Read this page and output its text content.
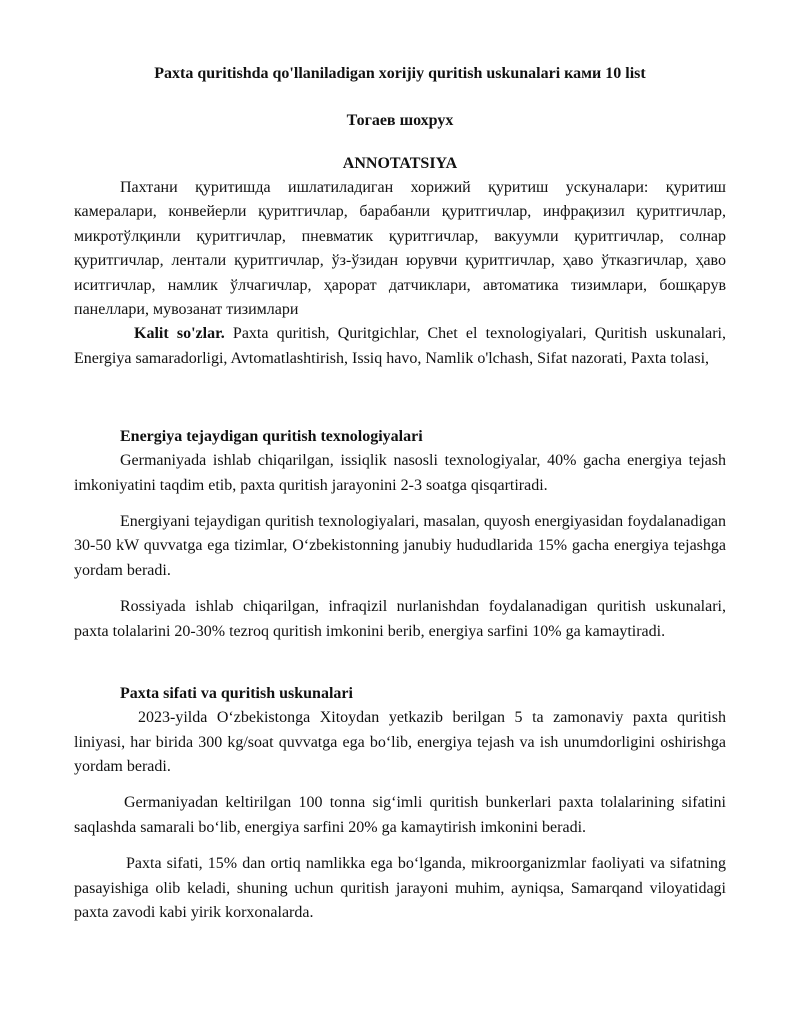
Paxta quritishda qo'llaniladigan xorijiy quritish uskunalari ками 10 list

Тогаев шохрух

ANNOTATSIYA

Пахтани қуритишда ишлатиладиган хорижий қуритиш ускуналари: қуритиш камералари, конвейерли қуритгичлар, барабанли қуритгичлар, инфрақизил қуритгичлар, микротўлқинли қуритгичлар, пневматик қуритгичлар, вакуумли қуритгичлар, солнар қуритгичлар, лентали қуритгичлар, ўз-ўзидан юрувчи қуритгичлар, ҳаво ўтказгичлар, ҳаво иситгичлар, намлик ўлчагичлар, ҳарорат датчиклари, автоматика тизимлари, бошқарув панеллари, мувозанат тизимлари

Kalit so'zlar. Paxta quritish, Quritgichlar, Chet el texnologiyalari, Quritish uskunalari, Energiya samaradorligi, Avtomatlashtirish, Issiq havo, Namlik o'lchash, Sifat nazorati, Paxta tolasi,

Energiya tejaydigan quritish texnologiyalari

Germaniyada ishlab chiqarilgan, issiqlik nasosli texnologiyalar, 40% gacha energiya tejash imkoniyatini taqdim etib, paxta quritish jarayonini 2-3 soatga qisqartiradi.

Energiyani tejaydigan quritish texnologiyalari, masalan, quyosh energiyasidan foydalanadigan 30-50 kW quvvatga ega tizimlar, O‘zbekistonning janubiy hududlarida 15% gacha energiya tejashga yordam beradi.

Rossiyada ishlab chiqarilgan, infraqizil nurlanishdan foydalanadigan quritish uskunalari, paxta tolalarini 20-30% tezroq quritish imkonini berib, energiya sarfini 10% ga kamaytiradi.

Paxta sifati va quritish uskunalari

2023-yilda O‘zbekistonga Xitoydan yetkazib berilgan 5 ta zamonaviy paxta quritish liniyasi, har birida 300 kg/soat quvvatga ega bo‘lib, energiya tejash va ish unumdorligini oshirishga yordam beradi.

Germaniyadan keltirilgan 100 tonna sig‘imli quritish bunkerlari paxta tolalarining sifatini saqlashda samarali bo‘lib, energiya sarfini 20% ga kamaytirish imkonini beradi.

Paxta sifati, 15% dan ortiq namlikka ega bo‘lganda, mikroorganizmlar faoliyati va sifatning pasayishiga olib keladi, shuning uchun quritish jarayoni muhim, ayniqsa, Samarqand viloyatidagi paxta zavodi kabi yirik korxonalarda.
